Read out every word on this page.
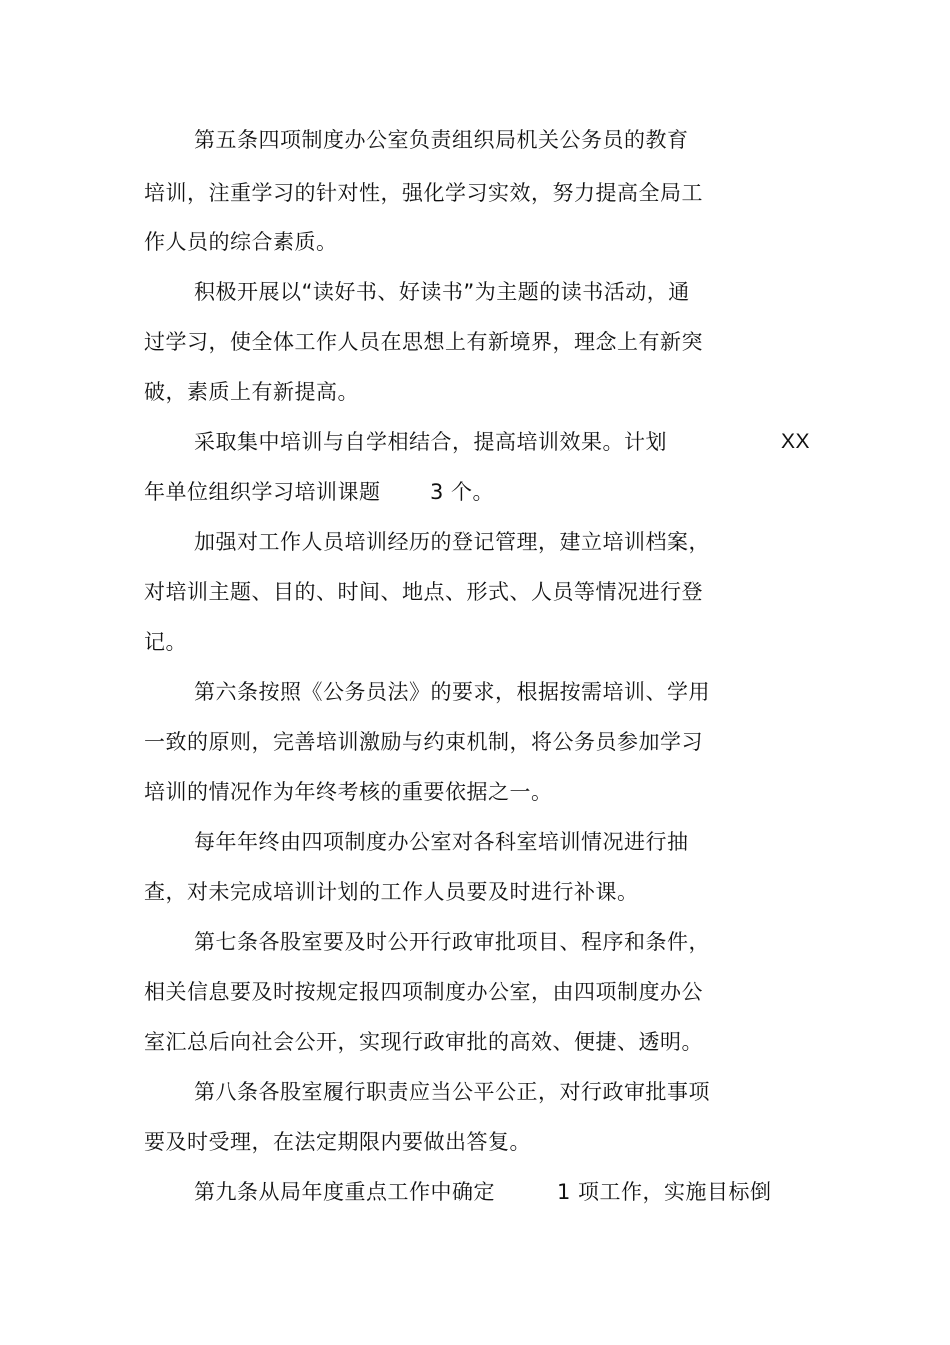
第五条四项制度办公室负责组织局机关公务员的教育
培训，注重学习的针对性，强化学习实效，努力提高全局工
作人员的综合素质。
积极开展以“读好书、好读书”为主题的读书活动，通
过学习，使全体工作人员在思想上有新境界，理念上有新突
破，素质上有新提高。
采取集中培训与自学相结合，提高培训效果。计划	XX
年单位组织学习培训课题 3 个。
加强对工作人员培训经历的登记管理，建立培训档案，
对培训主题、目的、时间、地点、形式、人员等情况进行登
记。
第六条按照《公务员法》的要求，根据按需培训、学用
一致的原则，完善培训激励与约束机制，将公务员参加学习
培训的情况作为年终考核的重要依据之一。
每年年终由四项制度办公室对各科室培训情况进行抽
查，对未完成培训计划的工作人员要及时进行补课。
第七条各股室要及时公开行政审批项目、程序和条件，
相关信息要及时按规定报四项制度办公室，由四项制度办公
室汇总后向社会公开，实现行政审批的高效、便捷、透明。
第八条各股室履行职责应当公平公正，对行政审批事项
要及时受理，在法定期限内要做出答复。
第九条从局年度重点工作中确定	1 项工作，实施目标倒
